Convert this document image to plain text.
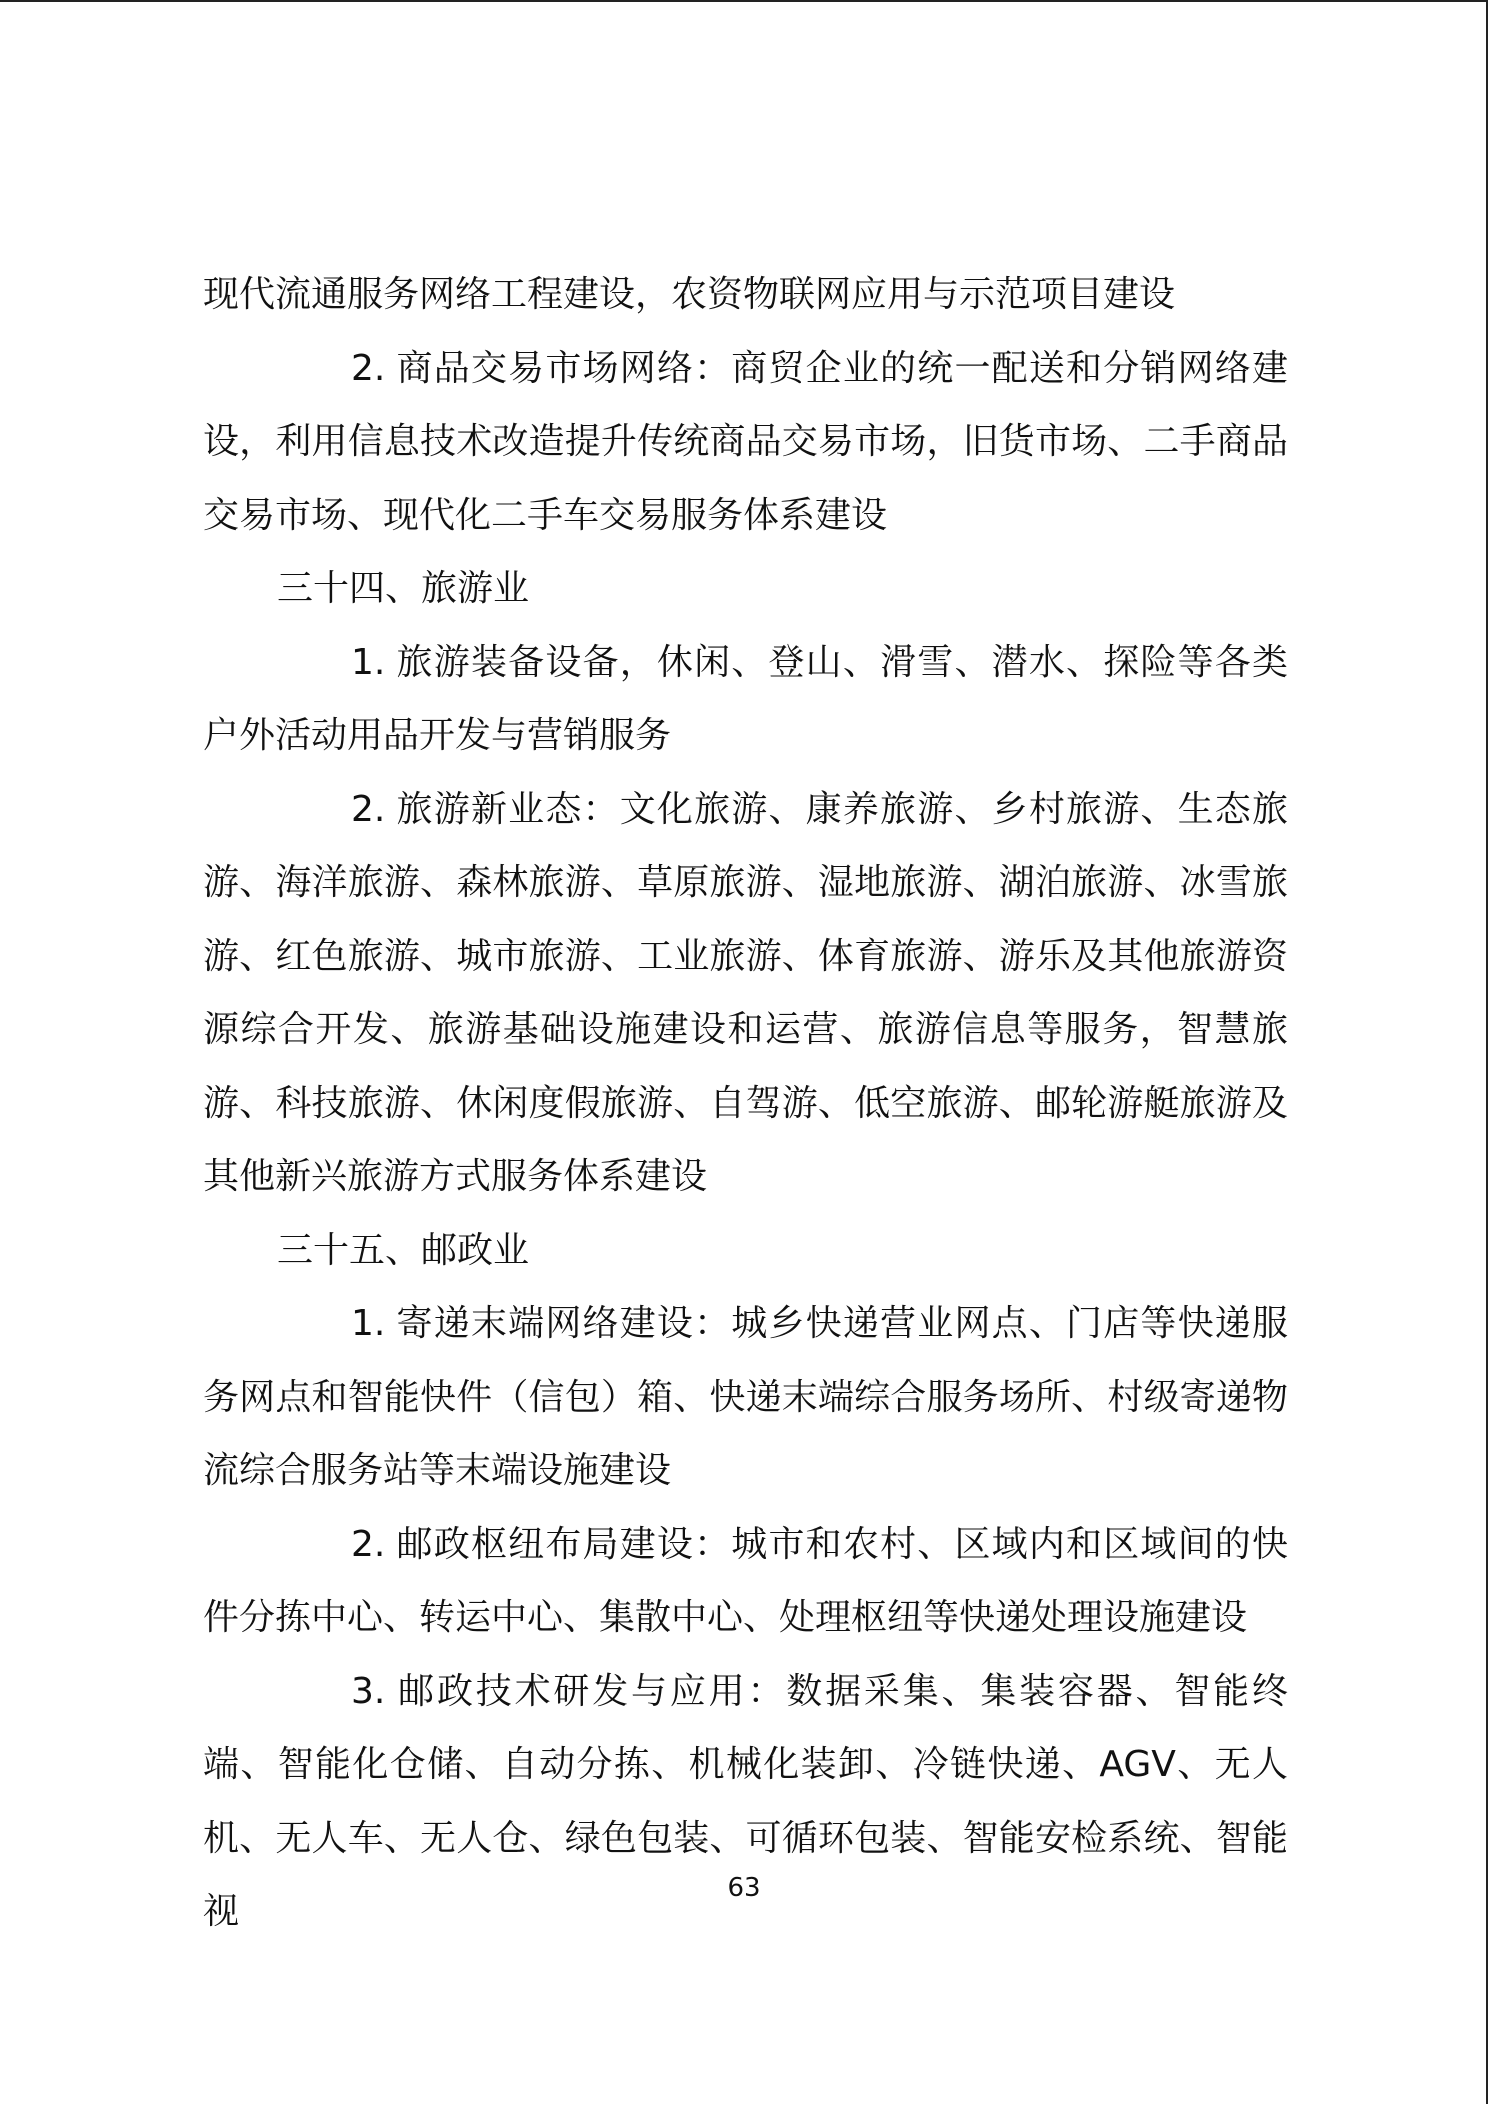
现代流通服务网络工程建设，农资物联网应用与示范项目建设

2. 商品交易市场网络：商贸企业的统一配送和分销网络建设，利用信息技术改造提升传统商品交易市场，旧货市场、二手商品交易市场、现代化二手车交易服务体系建设

三十四、旅游业

1. 旅游装备设备，休闲、登山、滑雪、潜水、探险等各类户外活动用品开发与营销服务

2. 旅游新业态：文化旅游、康养旅游、乡村旅游、生态旅游、海洋旅游、森林旅游、草原旅游、湿地旅游、湖泊旅游、冰雪旅游、红色旅游、城市旅游、工业旅游、体育旅游、游乐及其他旅游资源综合开发、旅游基础设施建设和运营、旅游信息等服务，智慧旅游、科技旅游、休闲度假旅游、自驾游、低空旅游、邮轮游艇旅游及其他新兴旅游方式服务体系建设

三十五、邮政业

1. 寄递末端网络建设：城乡快递营业网点、门店等快递服务网点和智能快件（信包）箱、快递末端综合服务场所、村级寄递物流综合服务站等末端设施建设

2. 邮政枢纽布局建设：城市和农村、区域内和区域间的快件分拣中心、转运中心、集散中心、处理枢纽等快递处理设施建设

3. 邮政技术研发与应用：数据采集、集装容器、智能终端、智能化仓储、自动分拣、机械化装卸、冷链快递、AGV、无人机、无人车、无人仓、绿色包装、可循环包装、智能安检系统、智能视

63
